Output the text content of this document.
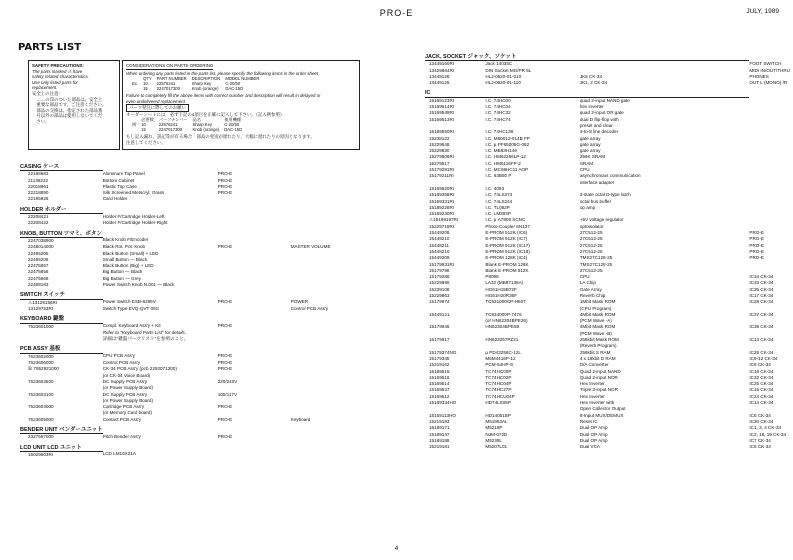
PRO-E	JULY, 1989
PARTS LIST
SAFETY PRECAUTIONS:
The parts marked ⚠ have
safety related characteristics.
Use only listed parts for
replacement.
安全上の注意：
　……の印のついた部品は、安全上
　重要な部品です。ご注意ください。
　部品の交換は、指定された部品番
　号以外の部品は使用しないでくだ
　さい。
CONSIDERATIONS ON PARTS ORDERING
When ordering any parts listed in the parts list, please specify the following items in the order sheet.
	QTY	PART NUMBER	DESCRIPTION	MODEL NUMBER
Ex.	10	22576241	Sharp Key	C-20/50
	15	2247017300	Knob (orange)	DAC-15D
Failure to completely fill the above items with correct number and description will result in delayed or
even undelivered replacement.
パーツ発注に際してのお願い
オーダーシートには　必ず下記の4項目を正確に記入して下さい。（記入例参照）
	必要数	パーツナンバー	品名	使用機種
例	10	22576241	Sharp Key	C-20/50
	15	2247017300	Knob (orange)	DAC-15D
もし記入漏れ、誤記等が有る場合　部品の発送が遅れたり、大幅に遅れたりの原因となります。
注意してください。
CASING ケース			
22188683	Aluminum Top Panel	PRO-E	
21138222	Bottom Cabinet	PRO-E	
22018961	Plastic Top Case	PRO-E	
22218890	Silk Screened Metscryl. Grass	PRO-E	
22195925	Card Holder		
HOLDER ホルダー			
22208421	Holder F/Cartridge Holder-Left		
22208422	Holder F/Cartridge Holder-Right		
KNOB, BUTTON ツマミ、ボタン			
2247038900	Black Knob F/Encoder		
2248014000	Black Rot. Pot. Knob	PRO-E	MASTER VOLUME
22495205	Black Button (Small) + LED		
22495206	Small Button — Black		
22475657	Black Button (Big) + LED		
22475658	Big Button — Black		
22475668	Big Button — Grey		
22488183	Power Switch Knob N.001 — Black		
SWITCH スイッチ			
⚠13129156RI	Power Switch ESB-8295V	PRO-E	POWER
13129753RI	Switch Type EVQ-QVT 05G		Control PCB Ass'y
KEYBOARD 鍵盤			
7623601000	Compl. Keyboard Ass'y + Kit	PRO-E	

	Refer to "Keyboard Parts List" for details.		
	詳細は"鍵盤パーツリスト"を参照のこと。		
PCB ASSY 基板			
7623602000	CPU PCB Ass'y	PRO-E	
7623606000	Control PCB Ass'y	PRO-E	
☒ 7952921000	CK-34 PCB Ass'y (pcb 2292071300)	PRO-E	
	(or CK-34 Voice Board)		
7623603500	DC Supply PCB Ass'y	220/240V	
	(or Power Supply Board)		
7623603100	DC Supply PCB Ass'y	100/117V	
	(or Power Supply Board)		
7623604000	Cartridge PCB Ass'y	PRO-E	
	(or Memory Card board)		
7623605000	Contact PCB Ass'y	PRO-E	Keyboard
BENDER UNIT ベンダーユニット			
2327587000	Pitch Bender Ass'y	PRO-E	
LCD UNIT LCD ユニット			
15029503RI	LCD LM16X21A		
JACK, SOCKET ジャック、ソケット			
13449160RI	Jack 14035C		FOOT SWITCH
13429664RI	DIN Socket MG/PR 5L		MIDI IN/OUT/THRU
13449126	HLJ-0520-01-010	JK5 CK-34	PHONES
13449125	HLJ-0520-01-110	JK1, 2 CK-34	OUT L (MONO) /R
IC			
15169123RI	I.C. 74HC00	quad 2-input NAND gate	
15169514RI	I.C. 74HC04	hex inverter	
15169549RI	I.C. 74HC32	quad 2-input OR gate	
15169513RI	I.C. 74HC74	dual D flip-flop with	
		preset and clear	
15169550RI	I.C. 74HC138	3-to-8 line decoder	
15238122	I.C. M60012-014B FP	gate array	
15229848	I.C. μ PF65005G-062	gate array	
15229830	I.C. MB63H149	gate array	
15279508RI	I.C. HM62256LP-12	256K SRAM	
15279517	I.C. HM6116FP-2	SRAM	
15179291RI	I.C. MC68HC11 AOP	CPU	
15179211RI	I.C. 63B50 P	asynchronous communication	
		interface adapter	
15169620RI	I.C. 4093		
15169358RI	I.C. 74LS373	3-state octal D-type latch	
15169331RI	I.C. 74LS244	octal bus buffer	
15189228RI	I.C. TL082P	op amp	
15189230RI	I.C. LM393P		
⚠15199197RI	I.C. μ A7805 SCNC	+5V voltage regulator	
15229718RI	Photo-Coupler 6N137	optoisolator	
15449208	E-PROM 512K (IC6)	27C512-25	PRO-E
15449210	E-PROM 512K (IC7)	27C512-25	PRO-E
15448211	E-PROM 512K (IC17)	27C512-25	PRO-E
15448210	E-PROM 512K (IC18)	27C512-25	PRO-E
15449209	E-PROM 128K (IC4)	TMS27C128-25	PRO-E
15179931RI	Blank E-PROM 128K	TMS27C128-25	
15179798	Blank E-PROM 512K	27C512-25	
15179286	P8098	CPU	IC34 CK-34
15229896	LA32 (MB87136A)	LA Chip	IC33 CK-34
15239108	HG61H15B72F	Gate Array	IC35 CK-34
15229863	HG61H20R36F	Reverb Chip	IC17 CK-34
15179974	TC531000CP-H607	1Mbit Mask ROM	IC28 CK-34
		(CPU Program)	
15449121	TC534000P-7476	4Mbit Mask ROM	IC37 CK-34
	(or HN62304BPE26)	(PCM Wave -A)	
15179945	HN62304BPE59	4Mbit Mask ROM	IC38 CK-34
		(PCM Wave -B)	
15179917	HN623257PZ21	256kbit Mask ROM	IC13 CK-34
		(Reverb Program)	
15179374NO	μ PD43256C-12L	256kbit S RAM	IC26 CK-34
15179345	M5M4416P-12	4 x 16kbit D RAM	IC9-12 CK-34
15219162	PCM-54HP-S	D/A Converter	IC8 CK-34
15169515	TC74HC00P	Quad 2-input NAND	IC16 CK-34
15169516	TC74HC02P	Quad 2-input NOR	IC32 CK-34
15169514	TC74HC04P	Hex Inverter	IC25 CK-34
15169537	TC74HC27P	Triple 3-input NOR	IC15 CK-34
15169512	TC74HCU04P	Hex Inverter	IC24 CK-34
15169334HO	HD74LS05P	Hex Inverter with	IC14 CK-34
		Open Collector Output	
15159113HO	HD14051BP	8-Input MUX/DEMUX	IC6 CK-34
15219183	M51953AL	Reset IC	IC30 CK-34
15189171	M5218P	Dual OP Amp	IC1, 3, 4 CK-34
15189147	NJM-072D	Dual OP Amp	IC2, 18, 19 CK-34
15189188	M5238L	Dual OP Amp	IC7 CK-34
15219181	M5207L01	Dual VCA	IC5 CK-34
4
